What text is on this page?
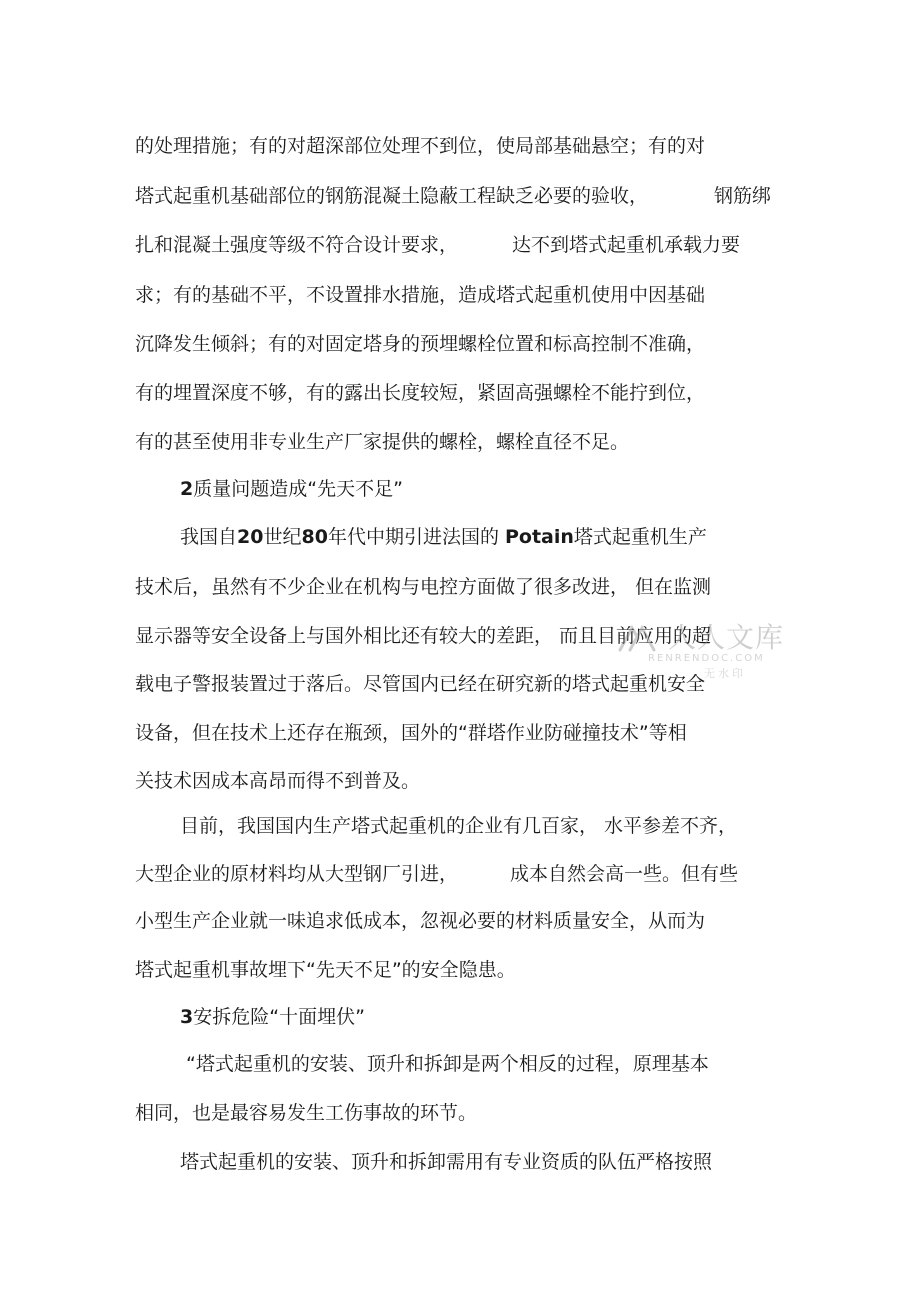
的处理措施；有的对超深部位处理不到位，使局部基础悬空；有的对
塔式起重机基础部位的钢筋混凝土隐蔽工程缺乏必要的验收，	钢筋绑
扎和混凝土强度等级不符合设计要求，	达不到塔式起重机承载力要
求；有的基础不平，不设置排水措施，造成塔式起重机使用中因基础
沉降发生倾斜；有的对固定塔身的预埋螺栓位置和标高控制不准确，
有的埋置深度不够，有的露出长度较短，紧固高强螺栓不能拧到位，
有的甚至使用非专业生产厂家提供的螺栓，螺栓直径不足。
2质量问题造成“先天不足”
我国自20世纪80年代中期引进法国的 Potain塔式起重机生产
技术后，虽然有不少企业在机构与电控方面做了很多改进， 但在监测
显示器等安全设备上与国外相比还有较大的差距， 而且目前应用的超
载电子警报装置过于落后。尽管国内已经在研究新的塔式起重机安全
设备，但在技术上还存在瓶颈，国外的“群塔作业防碰撞技术”等相
关技术因成本高昂而得不到普及。
目前，我国国内生产塔式起重机的企业有几百家， 水平参差不齐，
大型企业的原材料均从大型钢厂引进，	成本自然会高一些。但有些
小型生产企业就一味追求低成本，忽视必要的材料质量安全，从而为
塔式起重机事故埋下“先天不足”的安全隐患。
3安拆危险“十面埋伏”
“塔式起重机的安装、顶升和拆卸是两个相反的过程，原理基本
相同，也是最容易发生工伤事故的环节。
塔式起重机的安装、顶升和拆卸需用有专业资质的队伍严格按照
人人文库
RENRENDOC.COM
无水印
